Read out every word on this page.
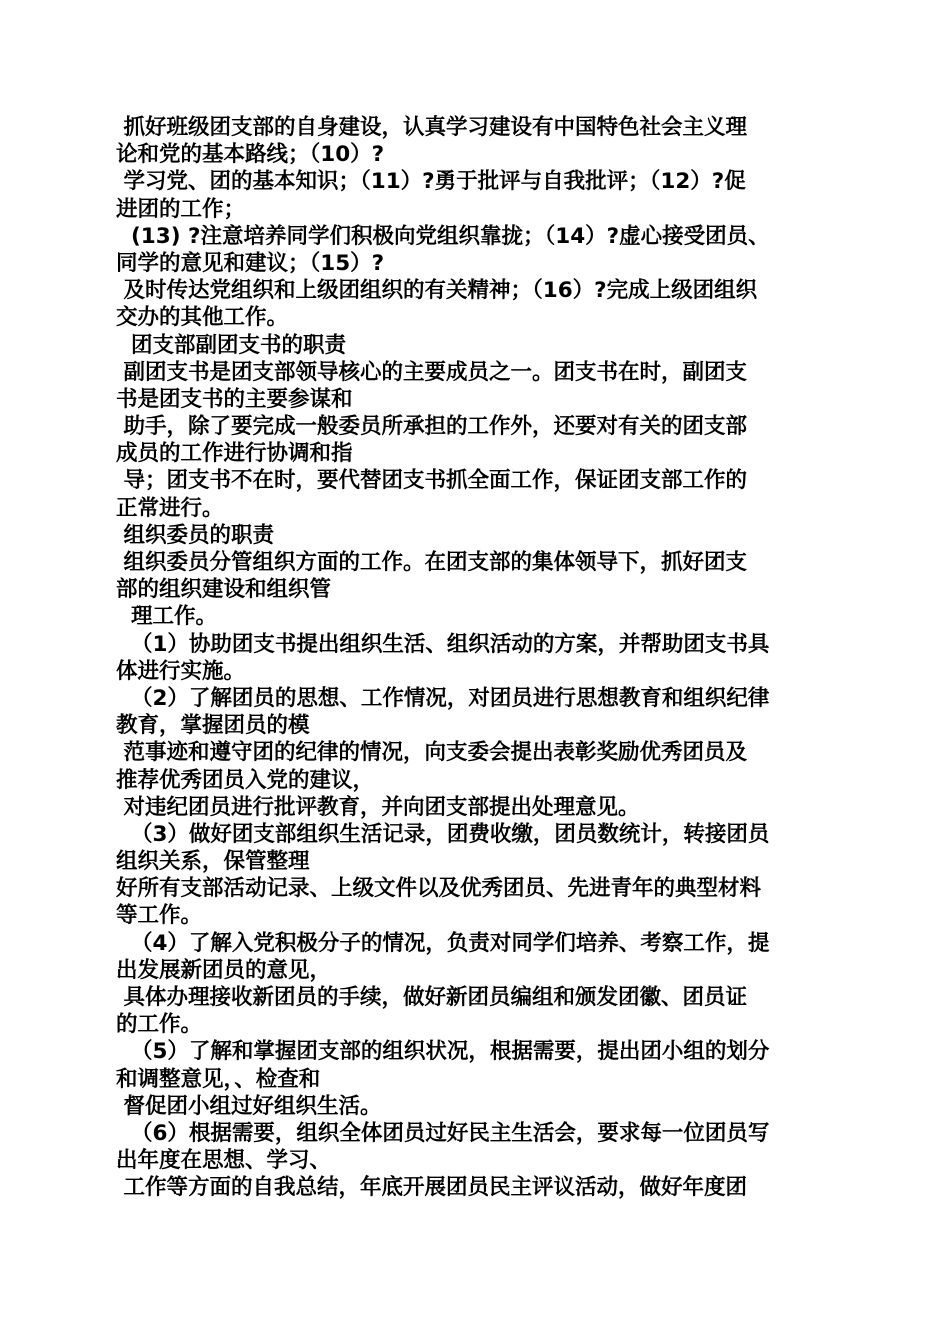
抓好班级团支部的自身建设，认真学习建设有中国特色社会主义理
论和党的基本路线；（10）?
学习党、团的基本知识；（11）?勇于批评与自我批评；（12）?促
进团的工作；
(13) ?注意培养同学们积极向党组织靠拢；（14）?虚心接受团员、
同学的意见和建议；（15）?
及时传达党组织和上级团组织的有关精神；（16）?完成上级团组织
交办的其他工作。
团支部副团支书的职责
副团支书是团支部领导核心的主要成员之一。团支书在时，副团支
书是团支书的主要参谋和
助手，除了要完成一般委员所承担的工作外，还要对有关的团支部
成员的工作进行协调和指
导；团支书不在时，要代替团支书抓全面工作，保证团支部工作的
正常进行。
组织委员的职责
组织委员分管组织方面的工作。在团支部的集体领导下，抓好团支
部的组织建设和组织管
理工作。
（1）协助团支书提出组织生活、组织活动的方案，并帮助团支书具
体进行实施。
（2）了解团员的思想、工作情况，对团员进行思想教育和组织纪律
教育，掌握团员的模
范事迹和遵守团的纪律的情况，向支委会提出表彰奖励优秀团员及
推荐优秀团员入党的建议，
对违纪团员进行批评教育，并向团支部提出处理意见。
（3）做好团支部组织生活记录，团费收缴，团员数统计，转接团员
组织关系，保管整理
好所有支部活动记录、上级文件以及优秀团员、先进青年的典型材料
等工作。
（4）了解入党积极分子的情况，负责对同学们培养、考察工作，提
出发展新团员的意见，
具体办理接收新团员的手续，做好新团员编组和颁发团徽、团员证
的工作。
（5）了解和掌握团支部的组织状况，根据需要，提出团小组的划分
和调整意见，、检查和
督促团小组过好组织生活。
（6）根据需要，组织全体团员过好民主生活会，要求每一位团员写
出年度在思想、学习、
工作等方面的自我总结，年底开展团员民主评议活动，做好年度团
